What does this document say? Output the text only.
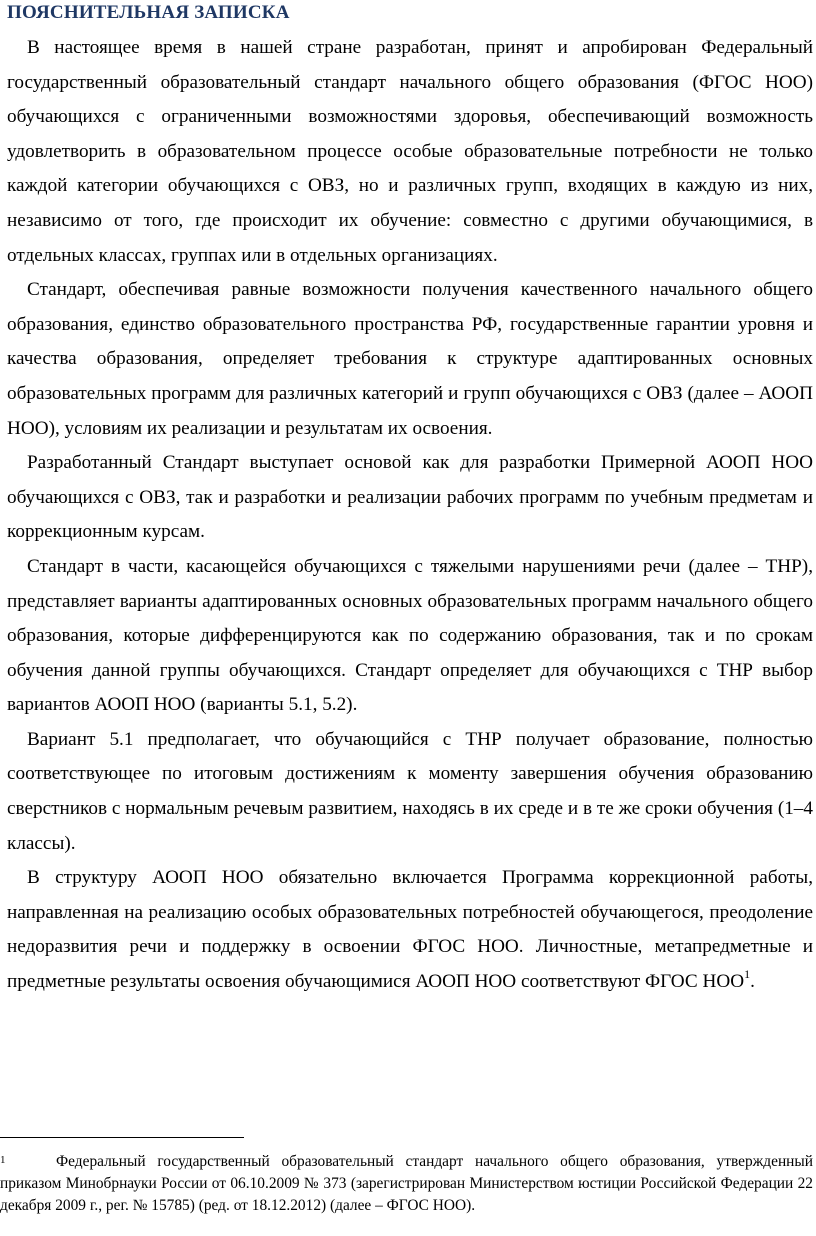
ПОЯСНИТЕЛЬНАЯ ЗАПИСКА

В настоящее время в нашей стране разработан, принят и апробирован Федеральный государственный образовательный стандарт начального общего образования (ФГОС НОО) обучающихся с ограниченными возможностями здоровья, обеспечивающий возможность удовлетворить в образовательном процессе особые образовательные потребности не только каждой категории обучающихся с ОВЗ, но и различных групп, входящих в каждую из них, независимо от того, где происходит их обучение: совместно с другими обучающимися, в отдельных классах, группах или в отдельных организациях.

Стандарт, обеспечивая равные возможности получения качественного начального общего образования, единство образовательного пространства РФ, государственные гарантии уровня и качества образования, определяет требования к структуре адаптированных основных образовательных программ для различных категорий и групп обучающихся с ОВЗ (далее – АООП НОО), условиям их реализации и результатам их освоения.

Разработанный Стандарт выступает основой как для разработки Примерной АООП НОО обучающихся с ОВЗ, так и разработки и реализации рабочих программ по учебным предметам и коррекционным курсам.

Стандарт в части, касающейся обучающихся с тяжелыми нарушениями речи (далее – ТНР), представляет варианты адаптированных основных образовательных программ начального общего образования, которые дифференцируются как по содержанию образования, так и по срокам обучения данной группы обучающихся. Стандарт определяет для обучающихся с ТНР выбор вариантов АООП НОО (варианты 5.1, 5.2).

Вариант 5.1 предполагает, что обучающийся с ТНР получает образование, полностью соответствующее по итоговым достижениям к моменту завершения обучения образованию сверстников с нормальным речевым развитием, находясь в их среде и в те же сроки обучения (1–4 классы).

В структуру АООП НОО обязательно включается Программа коррекционной работы, направленная на реализацию особых образовательных потребностей обучающегося, преодоление недоразвития речи и поддержку в освоении ФГОС НОО. Личностные, метапредметные и предметные результаты освоения обучающимися АООП НОО соответствуют ФГОС НОО$^1$.

1	Федеральный государственный образовательный стандарт начального общего образования, утвержденный приказом Минобрнауки России от 06.10.2009 № 373 (зарегистрирован Министерством юстиции Российской Федерации 22 декабря 2009 г., рег. № 15785) (ред. от 18.12.2012) (далее – ФГОС НОО).
